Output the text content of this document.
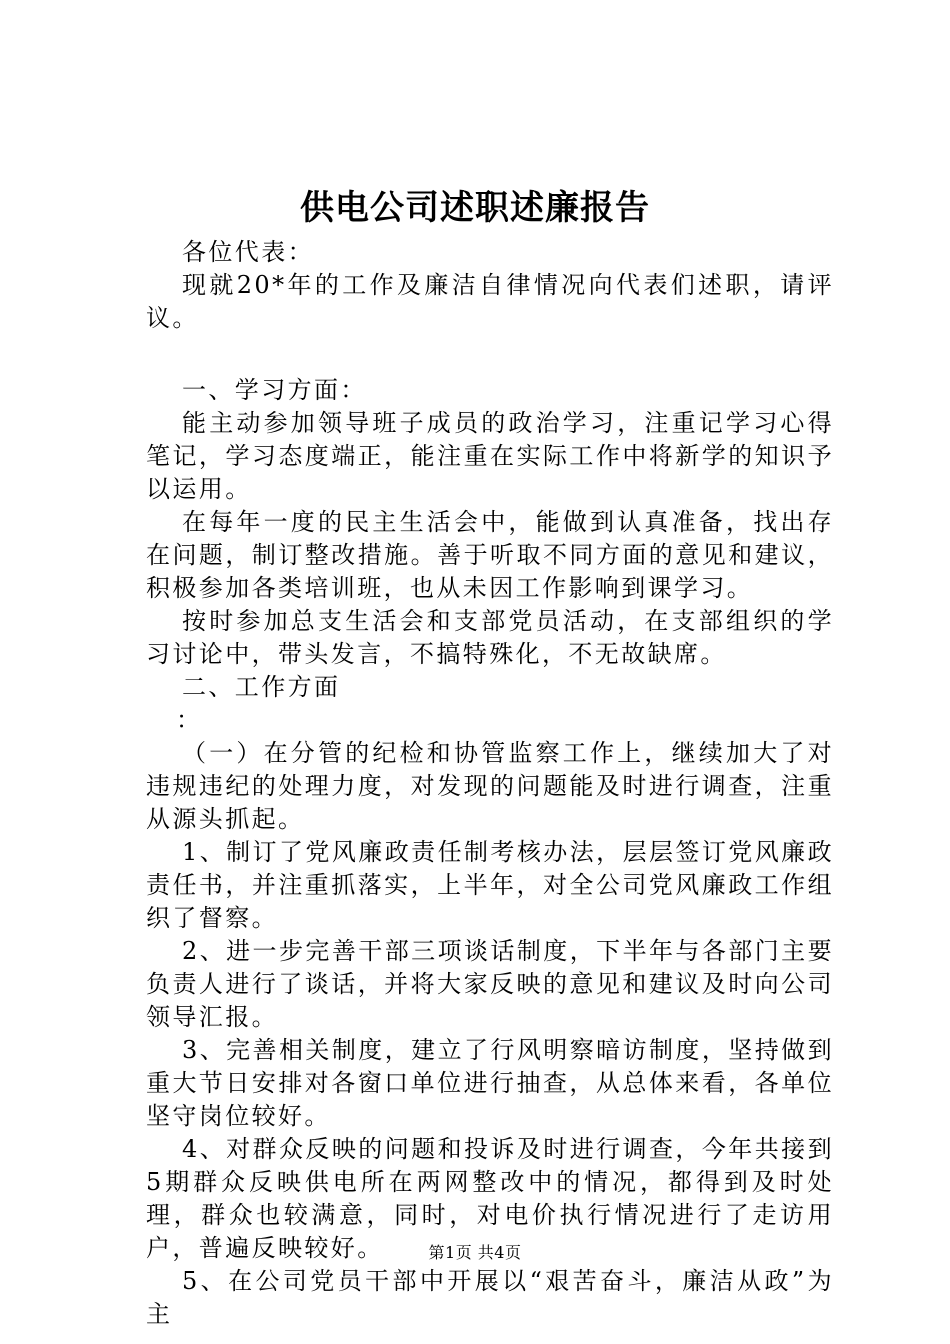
供电公司述职述廉报告

各位代表：

现就20*年的工作及廉洁自律情况向代表们述职，请评议。

一、学习方面：

能主动参加领导班子成员的政治学习，注重记学习心得笔记，学习态度端正，能注重在实际工作中将新学的知识予以运用。

在每年一度的民主生活会中，能做到认真准备，找出存在问题，制订整改措施。善于听取不同方面的意见和建议，积极参加各类培训班，也从未因工作影响到课学习。

按时参加总支生活会和支部党员活动，在支部组织的学习讨论中，带头发言，不搞特殊化，不无故缺席。

二、工作方面

：

（一）在分管的纪检和协管监察工作上，继续加大了对违规违纪的处理力度，对发现的问题能及时进行调查，注重从源头抓起。

1、制订了党风廉政责任制考核办法，层层签订党风廉政责任书，并注重抓落实，上半年，对全公司党风廉政工作组织了督察。

2、进一步完善干部三项谈话制度，下半年与各部门主要负责人进行了谈话，并将大家反映的意见和建议及时向公司领导汇报。

3、完善相关制度，建立了行风明察暗访制度，坚持做到重大节日安排对各窗口单位进行抽查，从总体来看，各单位坚守岗位较好。

4、对群众反映的问题和投诉及时进行调查，今年共接到5期群众反映供电所在两网整改中的情况，都得到及时处理，群众也较满意，同时，对电价执行情况进行了走访用户，普遍反映较好。

5、在公司党员干部中开展以“艰苦奋斗，廉洁从政”为主

第1页 共4页
